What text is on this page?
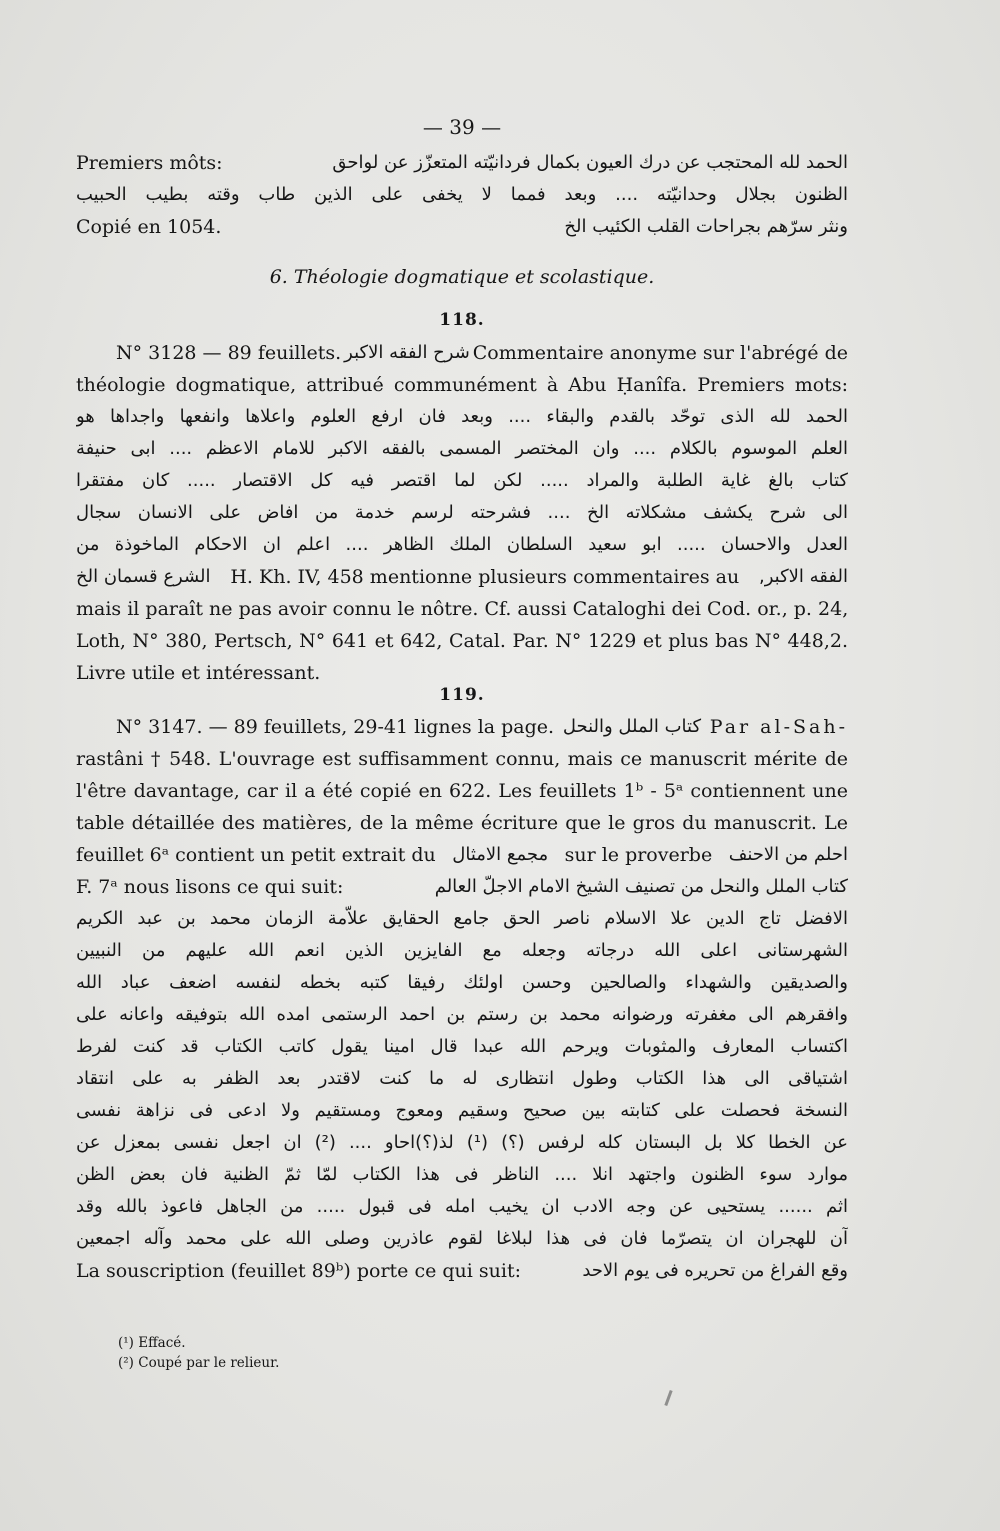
— 39 —
Premiers môts:	الحمد لله المحتجب عن درك العيون بكمال فردانيّته المتعزّز عن لواحق
الظنون بجلال وحدانيّته .... وبعد فمما لا يخفى على الذين طاب وقته بطيب الحبيب
Copié en 1054.	ونثر سرّهم بجراحات القلب الكئيب الخ
6. Théologie dogmatique et scolastique.
118.
N° 3128 — 89 feuillets. شرح الفقه الاكبر Commentaire anonyme sur l'abrégé de
théologie dogmatique, attribué communément à Abu Ḥanîfa. Premiers mots:
الحمد لله الذى توحّد بالقدم والبقاء .... وبعد فان ارفع العلوم واعلاها وانفعها واجداها هو
العلم الموسوم بالكلام .... وان المختصر المسمى بالفقه الاكبر للامام الاعظم .... ابى حنيفة
كتاب بالغ غاية الطلبة والمراد ..... لكن لما اقتصر فيه كل الاقتصار ..... كان مفتقرا
الى شرح يكشف مشكلاته الخ .... فشرحته لرسم خدمة من افاض على الانسان سجال
العدل والاحسان ..... ابو سعيد السلطان الملك الظاهر .... اعلم ان الاحكام الماخوذة من
الشرع قسمان الخ H. Kh. IV, 458 mentionne plusieurs commentaires au الفقه الاكبر,
mais il paraît ne pas avoir connu le nôtre. Cf. aussi Cataloghi dei Cod. or., p. 24,
Loth, N° 380, Pertsch, N° 641 et 642, Catal. Par. N° 1229 et plus bas N° 448,2.
Livre utile et intéressant.
119.
N° 3147. — 89 feuillets, 29-41 lignes la page. كتاب الملل والنحل Par al-Sah-
rastâni † 548. L'ouvrage est suffisamment connu, mais ce manuscrit mérite de
l'être davantage, car il a été copié en 622. Les feuillets 1ᵇ - 5ᵃ contiennent une
table détaillée des matières, de la même écriture que le gros du manuscrit. Le
feuillet 6ᵃ contient un petit extrait du مجمع الامثال sur le proverbe احلم من الاحنف
F. 7ᵃ nous lisons ce qui suit:	كتاب الملل والنحل من تصنيف الشيخ الامام الاجلّ العالم
الافضل تاج الدين علا الاسلام ناصر الحق جامع الحقايق علاّمة الزمان محمد بن عبد الكريم
الشهرستانى اعلى الله درجاته وجعله مع الفايزين الذين انعم الله عليهم من النبيين
والصديقين والشهداء والصالحين وحسن اولئك رفيقا كتبه بخطه لنفسه اضعف عباد الله
وافقرهم الى مغفرته ورضوانه محمد بن رستم بن احمد الرستمى امده الله بتوفيقه واعانه على
اكتساب المعارف والمثوبات ويرحم الله عبدا قال امينا يقول كاتب الكتاب قد كنت لفرط
اشتياقى الى هذا الكتاب وطول انتظارى له ما كنت لاقتدر بعد الظفر به على انتقاد
النسخة فحصلت على كتابته بين صحيح وسقيم ومعوج ومستقيم ولا ادعى فى نزاهة نفسى
عن الخطا كلا بل البستان كله لرفس (؟) (¹) لذ(؟)احاو .... (²) ان اجعل نفسى بمعزل عن
موارد سوء الظنون واجتهد انلا .... الناظر فى هذا الكتاب لمّا ثمّ الظنية فان بعض الظن
اثم ...... يستحيى عن وجه الادب ان يخيب امله فى قبول ..... من الجاهل فاعوذ بالله وقد
آن للهجران ان يتصرّما فان فى هذا لبلاغا لقوم عاذرين وصلى الله على محمد وآله اجمعين
La souscription (feuillet 89ᵇ) porte ce qui suit:	وقع الفراغ من تحريره فى يوم الاحد
(¹) Effacé.
(²) Coupé par le relieur.
